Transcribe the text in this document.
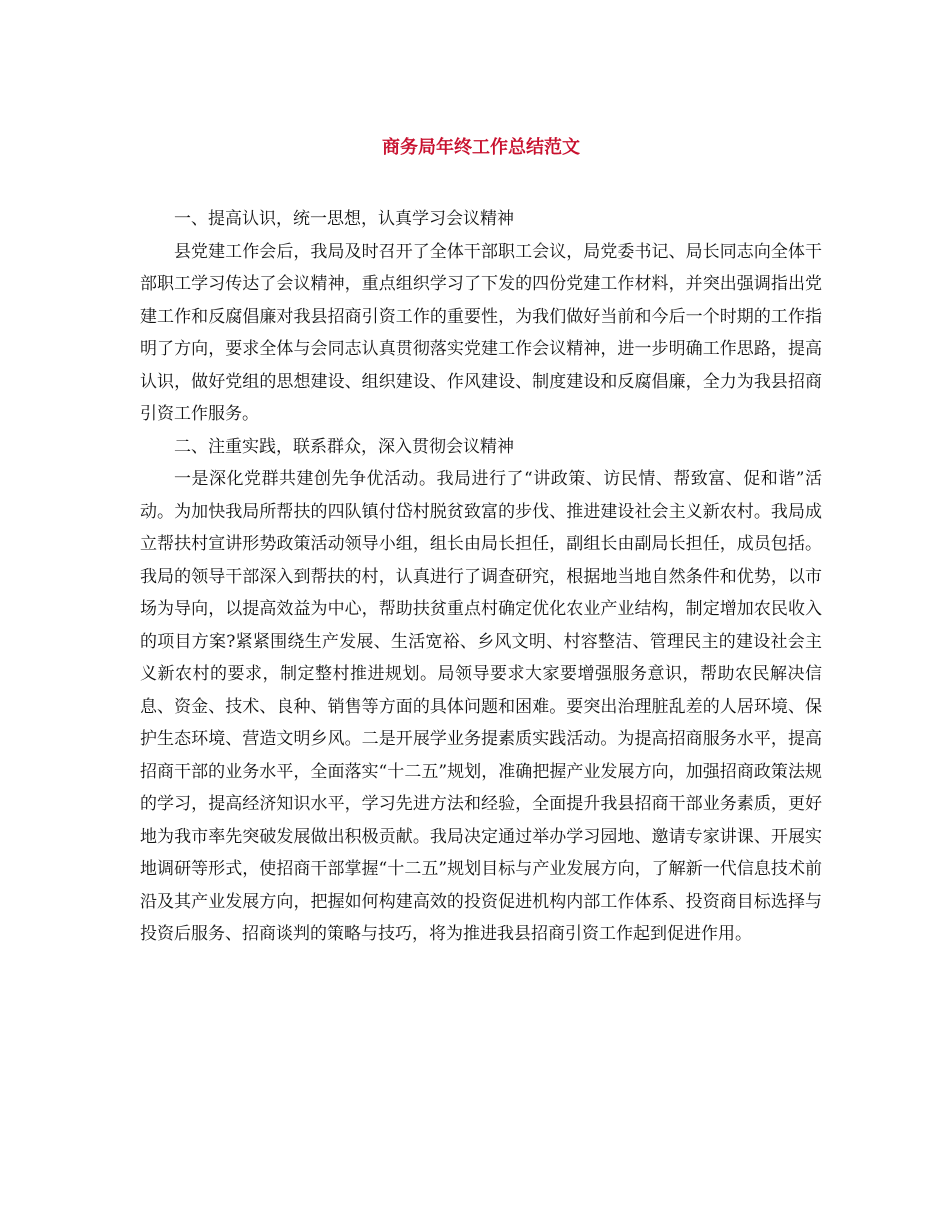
商务局年终工作总结范文

一、提高认识，统一思想，认真学习会议精神

县党建工作会后，我局及时召开了全体干部职工会议，局党委书记、局长同志向全体干部职工学习传达了会议精神，重点组织学习了下发的四份党建工作材料，并突出强调指出党建工作和反腐倡廉对我县招商引资工作的重要性，为我们做好当前和今后一个时期的工作指明了方向，要求全体与会同志认真贯彻落实党建工作会议精神，进一步明确工作思路，提高认识，做好党组的思想建设、组织建设、作风建设、制度建设和反腐倡廉，全力为我县招商引资工作服务。

二、注重实践，联系群众，深入贯彻会议精神

一是深化党群共建创先争优活动。我局进行了“讲政策、访民情、帮致富、促和谐”活动。为加快我局所帮扶的四队镇付岱村脱贫致富的步伐、推进建设社会主义新农村。我局成立帮扶村宣讲形势政策活动领导小组，组长由局长担任，副组长由副局长担任，成员包括。我局的领导干部深入到帮扶的村，认真进行了调查研究，根据地当地自然条件和优势，以市场为导向，以提高效益为中心，帮助扶贫重点村确定优化农业产业结构，制定增加农民收入的项目方案?紧紧围绕生产发展、生活宽裕、乡风文明、村容整洁、管理民主的建设社会主义新农村的要求，制定整村推进规划。局领导要求大家要增强服务意识，帮助农民解决信息、资金、技术、良种、销售等方面的具体问题和困难。要突出治理脏乱差的人居环境、保护生态环境、营造文明乡风。二是开展学业务提素质实践活动。为提高招商服务水平，提高招商干部的业务水平，全面落实“十二五”规划，准确把握产业发展方向，加强招商政策法规的学习，提高经济知识水平，学习先进方法和经验，全面提升我县招商干部业务素质，更好地为我市率先突破发展做出积极贡献。我局决定通过举办学习园地、邀请专家讲课、开展实地调研等形式，使招商干部掌握“十二五”规划目标与产业发展方向，了解新一代信息技术前沿及其产业发展方向，把握如何构建高效的投资促进机构内部工作体系、投资商目标选择与投资后服务、招商谈判的策略与技巧，将为推进我县招商引资工作起到促进作用。
